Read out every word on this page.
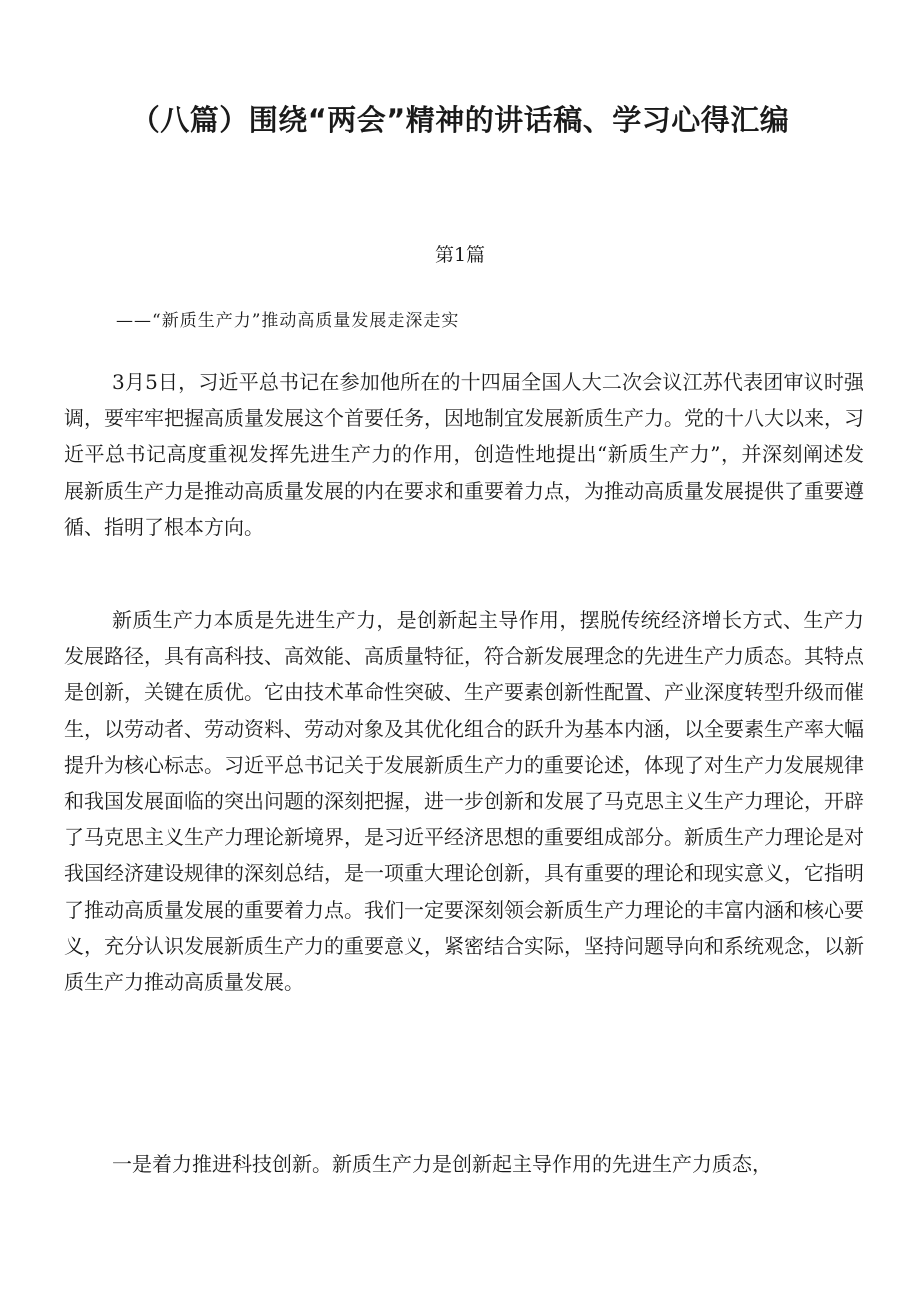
（八篇）围绕“两会”精神的讲话稿、学习心得汇编
第1篇
——“新质生产力”推动高质量发展走深走实

3月5日，习近平总书记在参加他所在的十四届全国人大二次会议江苏代表团审议时强调，要牢牢把握高质量发展这个首要任务，因地制宜发展新质生产力。党的十八大以来，习近平总书记高度重视发挥先进生产力的作用，创造性地提出“新质生产力”，并深刻阐述发展新质生产力是推动高质量发展的内在要求和重要着力点，为推动高质量发展提供了重要遵循、指明了根本方向。

新质生产力本质是先进生产力，是创新起主导作用，摆脱传统经济增长方式、生产力发展路径，具有高科技、高效能、高质量特征，符合新发展理念的先进生产力质态。其特点是创新，关键在质优。它由技术革命性突破、生产要素创新性配置、产业深度转型升级而催生，以劳动者、劳动资料、劳动对象及其优化组合的跃升为基本内涵，以全要素生产率大幅提升为核心标志。习近平总书记关于发展新质生产力的重要论述，体现了对生产力发展规律和我国发展面临的突出问题的深刻把握，进一步创新和发展了马克思主义生产力理论，开辟了马克思主义生产力理论新境界，是习近平经济思想的重要组成部分。新质生产力理论是对我国经济建设规律的深刻总结，是一项重大理论创新，具有重要的理论和现实意义，它指明了推动高质量发展的重要着力点。我们一定要深刻领会新质生产力理论的丰富内涵和核心要义，充分认识发展新质生产力的重要意义，紧密结合实际，坚持问题导向和系统观念，以新质生产力推动高质量发展。

一是着力推进科技创新。新质生产力是创新起主导作用的先进生产力质态，
